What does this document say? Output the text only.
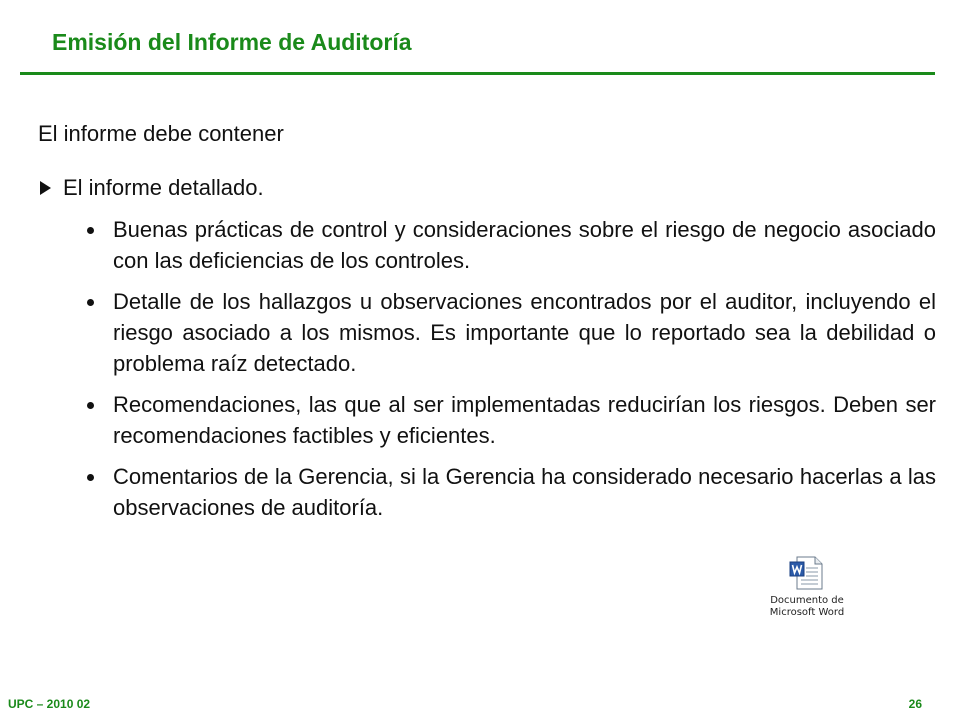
Emisión del Informe de Auditoría
El informe debe contener
El informe detallado.
Buenas prácticas de control y consideraciones sobre el riesgo de negocio asociado con las deficiencias de los controles.
Detalle de los hallazgos u observaciones encontrados por el auditor, incluyendo el riesgo asociado a los mismos. Es importante que lo reportado sea la debilidad o problema raíz detectado.
Recomendaciones, las que al ser implementadas reducirían los riesgos. Deben ser recomendaciones factibles y eficientes.
Comentarios de la Gerencia, si la Gerencia ha considerado necesario hacerlas a las observaciones de auditoría.
Documento de
Microsoft Word
UPC – 2010 02	26
